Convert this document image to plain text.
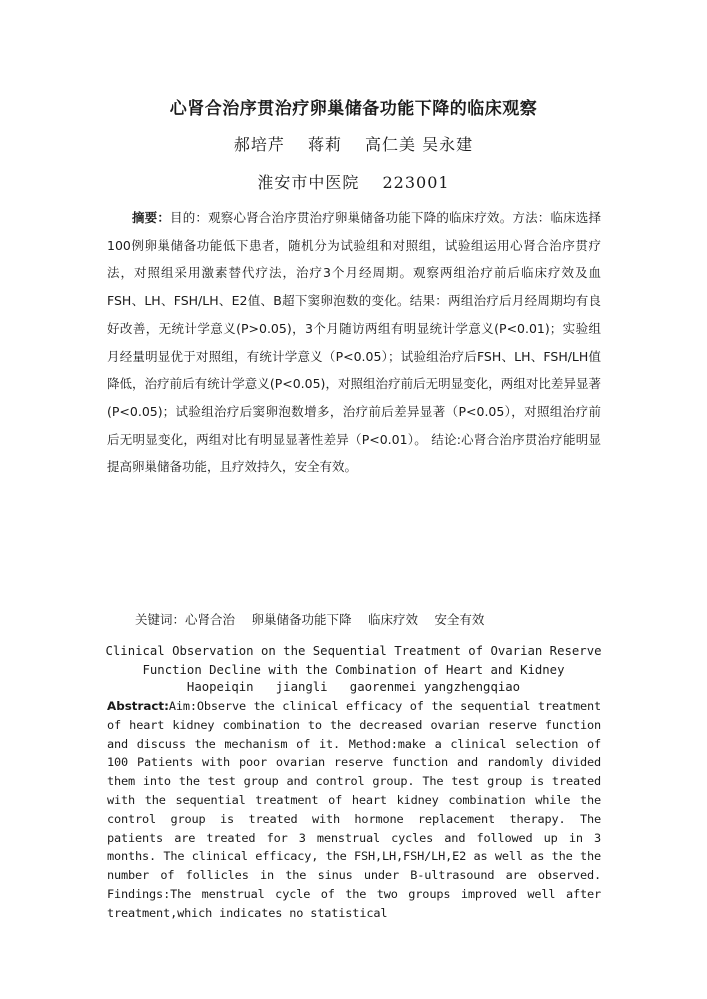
心肾合治序贯治疗卵巢储备功能下降的临床观察
郝培芹　 蒋莉　 高仁美 吴永建
淮安市中医院　 223001

摘要：目的：观察心肾合治序贯治疗卵巢储备功能下降的临床疗效。方法：临床选择100例卵巢储备功能低下患者，随机分为试验组和对照组，试验组运用心肾合治序贯疗法，对照组采用激素替代疗法，治疗3个月经周期。观察两组治疗前后临床疗效及血FSH、LH、FSH/LH、E2值、B超下窦卵泡数的变化。结果：两组治疗后月经周期均有良好改善，无统计学意义(P>0.05)，3个月随访两组有明显统计学意义(P<0.01)；实验组月经量明显优于对照组，有统计学意义（P<0.05）；试验组治疗后FSH、LH、FSH/LH值降低，治疗前后有统计学意义(P<0.05)，对照组治疗前后无明显变化，两组对比差异显著(P<0.05)；试验组治疗后窦卵泡数增多，治疗前后差异显著（P<0.05），对照组治疗前后无明显变化，两组对比有明显显著性差异（P<0.01）。 结论:心肾合治序贯治疗能明显提高卵巢储备功能，且疗效持久，安全有效。

关键词：心肾合治　 卵巢储备功能下降　 临床疗效　 安全有效
Clinical Observation on the Sequential Treatment of Ovarian Reserve
Function Decline with the Combination of Heart and Kidney
Haopeiqin   jiangli   gaorenmei yangzhengqiao

Abstract:Aim:Observe the clinical efficacy of the sequential treatment of heart kidney combination to the decreased ovarian reserve function and discuss the mechanism of it. Method:make a clinical selection of 100 Patients with poor ovarian reserve function and randomly divided them into the test group and control group. The test group is treated with the sequential treatment of heart kidney combination while the control group is treated with hormone replacement therapy. The patients are treated for 3 menstrual cycles and followed up in 3 months. The clinical efficacy, the FSH,LH,FSH/LH,E2 as well as the the number of follicles in the sinus under B-ultrasound are observed. Findings:The menstrual cycle of the two groups improved well after treatment,which indicates no statistical
